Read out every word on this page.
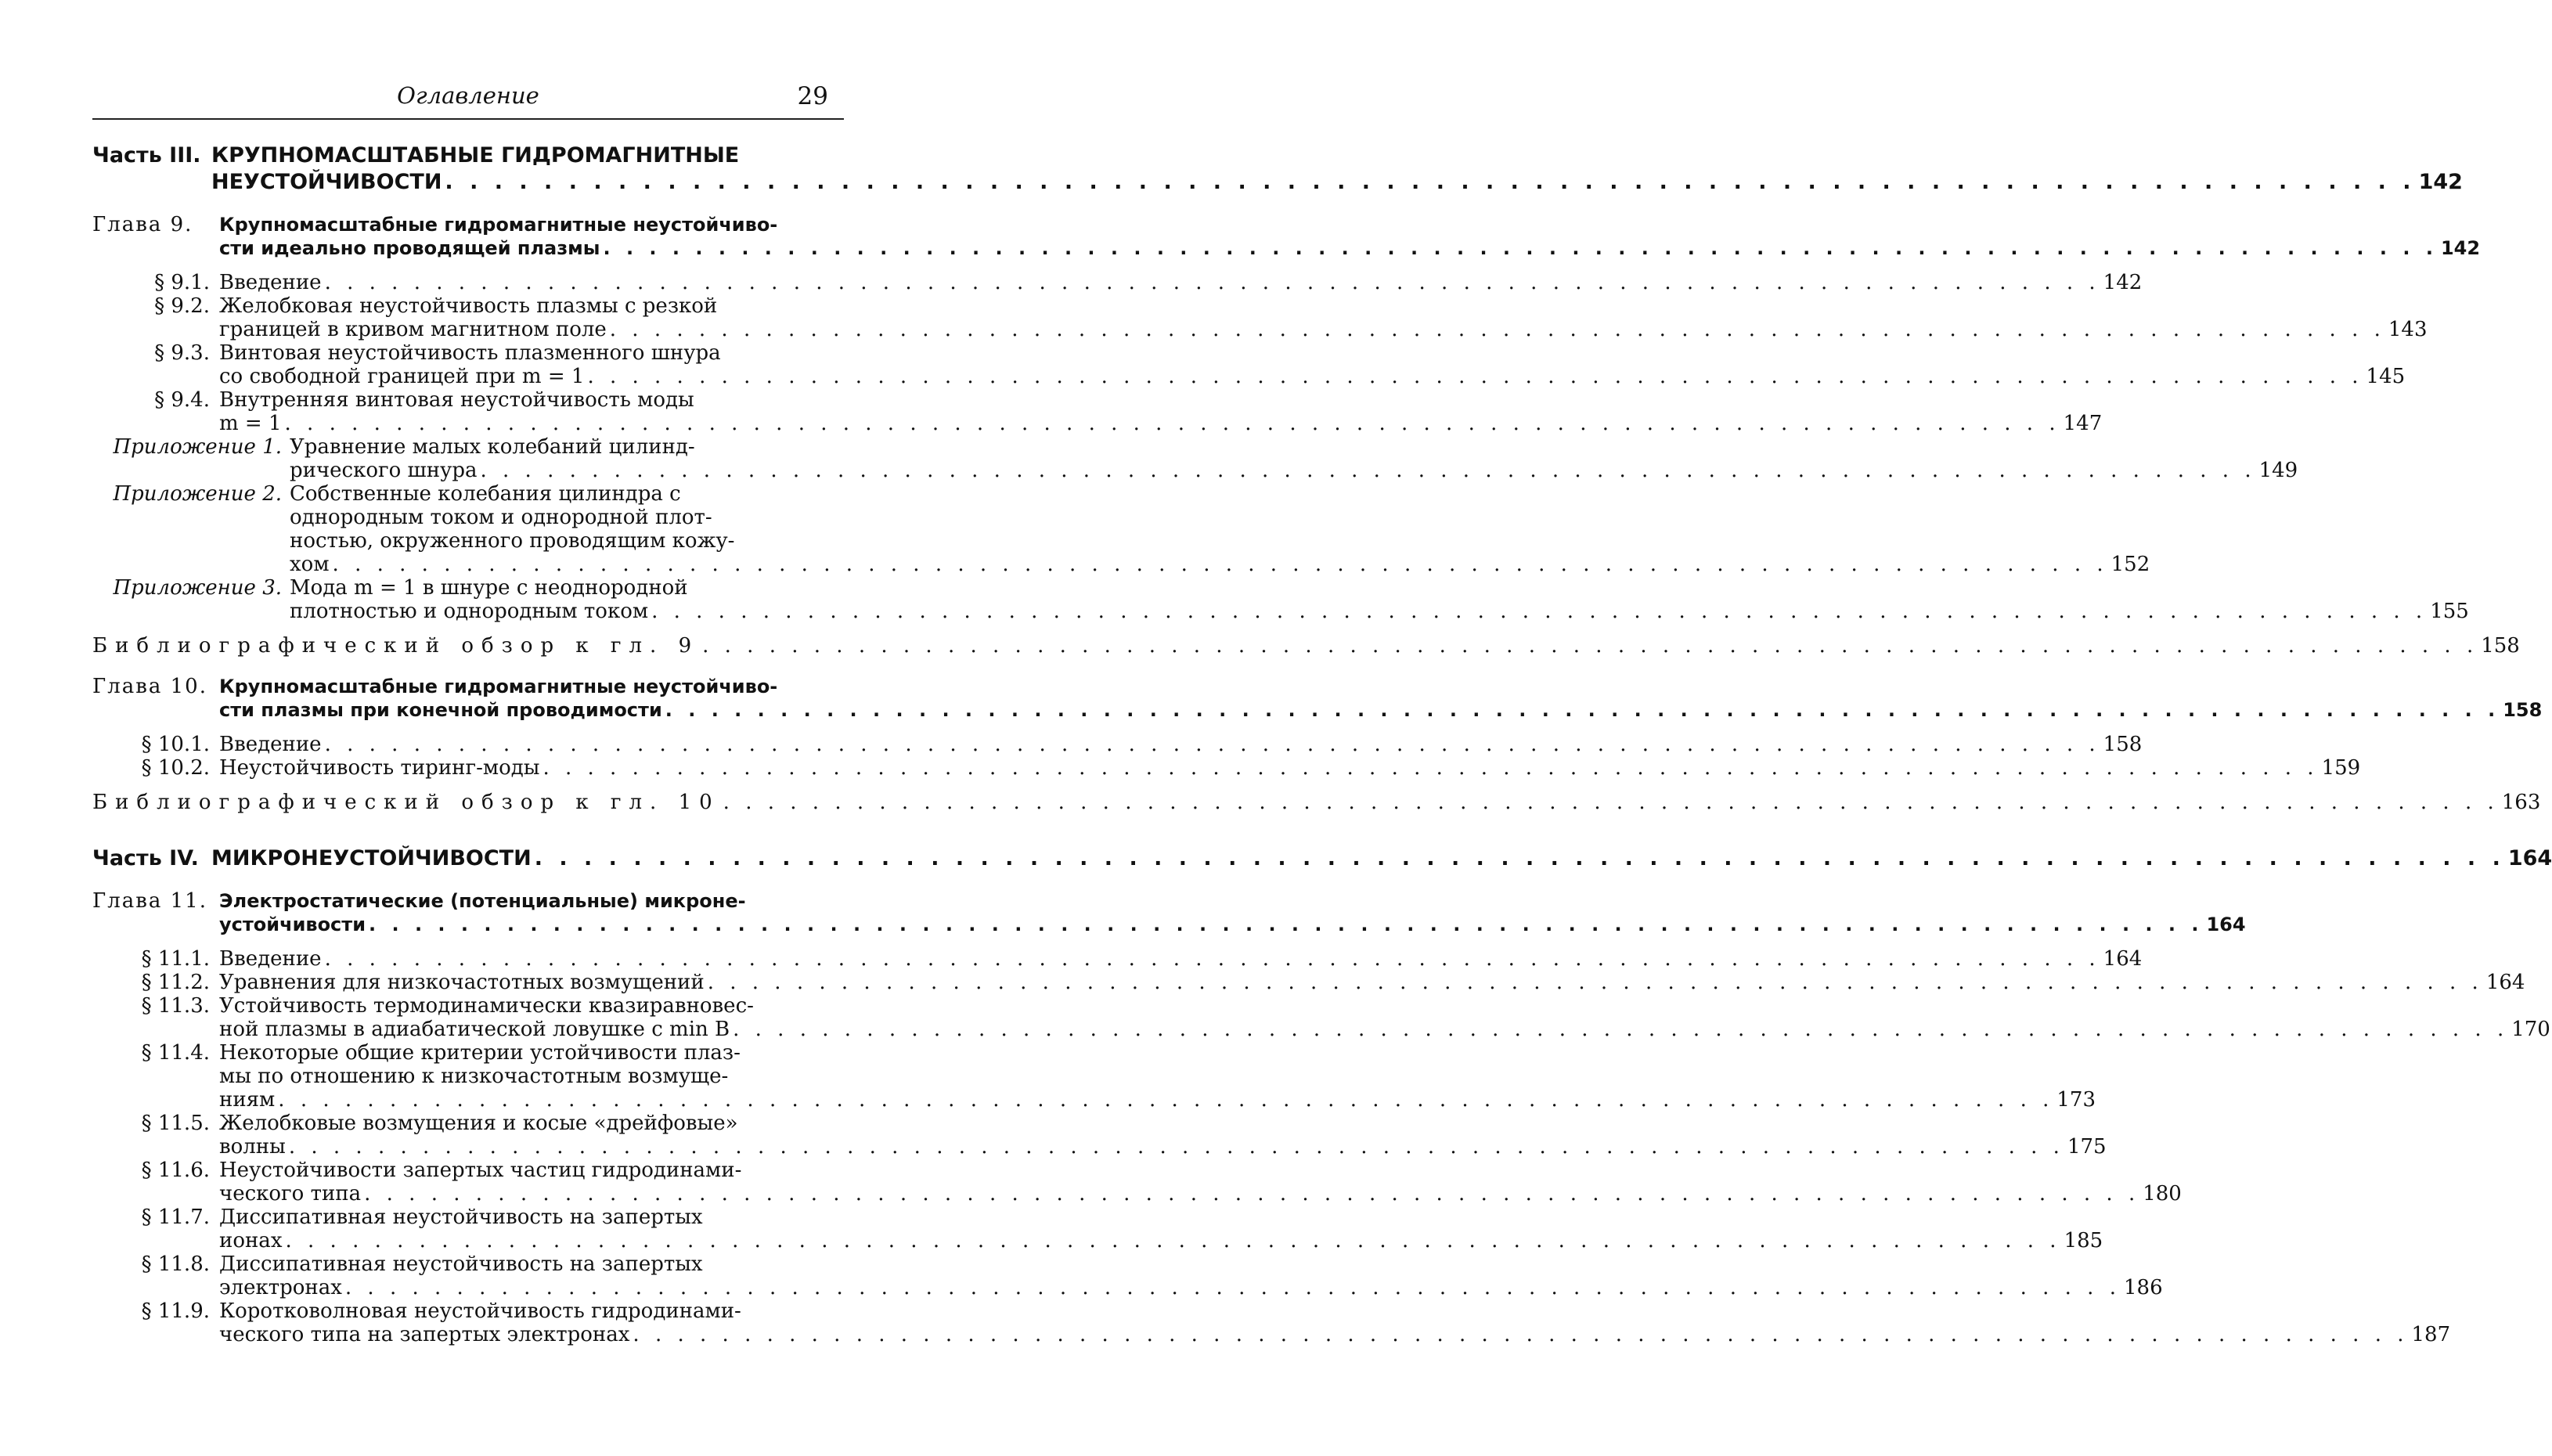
Оглавление	29
Часть III. КРУПНОМАСШТАБНЫЕ ГИДРОМАГНИТНЫЕ
НЕУСТОЙЧИВОСТИ . . .	142
Глава 9.	Крупномасштабные гидромагнитные неустойчиво-
сти идеально проводящей плазмы . . .	142
§ 9.1. Введение . . .	142
§ 9.2. Желобковая неустойчивость плазмы с резкой
границей в кривом магнитном поле . . .	143
§ 9.3. Винтовая неустойчивость плазменного шнура
со свободной границей при m = 1 . . .	145
§ 9.4. Внутренняя винтовая неустойчивость моды
m = 1 . . .	147
Приложение 1. Уравнение малых колебаний цилинд-
рического шнура . . .	149
Приложение 2. Собственные колебания цилиндра с
однородным током и однородной плот-
ностью, окруженного проводящим кожу-
хом . . .	152
Приложение 3. Мода m = 1 в шнуре с неоднородной
плотностью и однородным током . . .	155
Библиографический обзор к гл. 9 . . .	158
Глава 10. Крупномасштабные гидромагнитные неустойчиво-
сти плазмы при конечной проводимости . . .	158
§ 10.1. Введение . . .	158
§ 10.2. Неустойчивость тиринг-моды . . .	159
Библиографический обзор к гл. 10 . . .	163
Часть IV. МИКРОНЕУСТОЙЧИВОСТИ . . .	164
Глава 11. Электростатические (потенциальные) микроне-
устойчивости . . .	164
§ 11.1. Введение . . .	164
§ 11.2. Уравнения для низкочастотных возмущений . . .	164
§ 11.3. Устойчивость термодинамически квазиравновес-
ной плазмы в адиабатической ловушке с min B . . .	170
§ 11.4. Некоторые общие критерии устойчивости плаз-
мы по отношению к низкочастотным возмуще-
ниям . . .	173
§ 11.5. Желобковые возмущения и косые «дрейфовые»
волны . . .	175
§ 11.6. Неустойчивости запертых частиц гидродинами-
ческого типа . . .	180
§ 11.7. Диссипативная неустойчивость на запертых
ионах . . .	185
§ 11.8. Диссипативная неустойчивость на запертых
электронах . . .	186
§ 11.9. Коротковолновая неустойчивость гидродинами-
ческого типа на запертых электронах . . .	187
